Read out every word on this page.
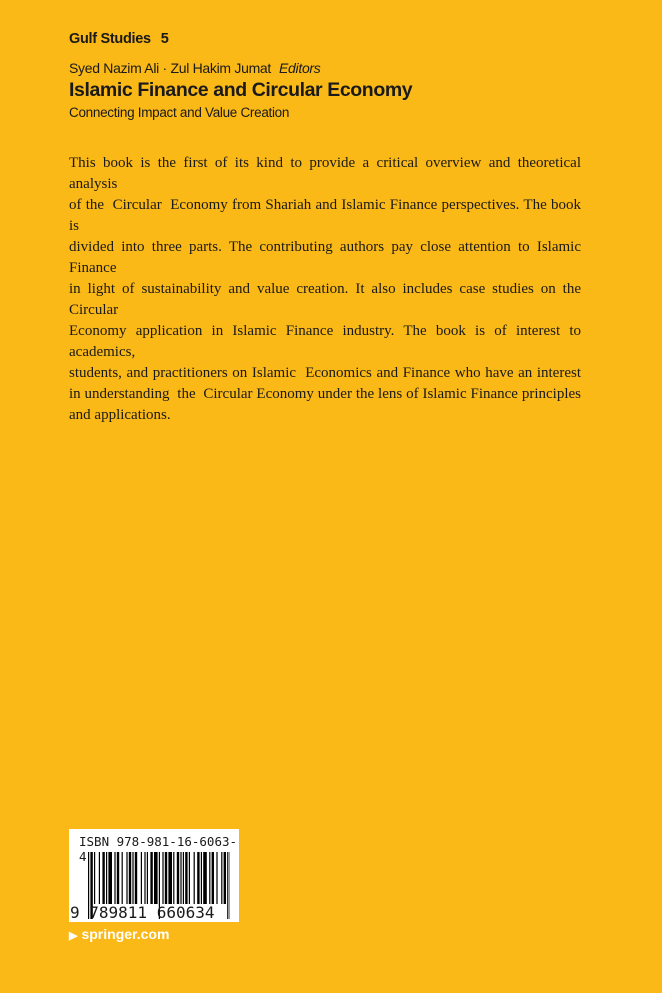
Gulf Studies 5
Syed Nazim Ali · Zul Hakim Jumat Editors
Islamic Finance and Circular Economy
Connecting Impact and Value Creation
This book is the first of its kind to provide a critical overview and theoretical analysis
of the  Circular  Economy from Shariah and Islamic Finance perspectives. The book is
divided into three parts. The contributing authors pay close attention to Islamic Finance
in light of sustainability and value creation. It also includes case studies on the  Circular
Economy application in Islamic Finance industry. The book is of interest to academics,
students, and practitioners on Islamic  Economics and Finance who have an interest
in understanding  the  Circular Economy under the lens of Islamic Finance principles
and applications.
ISBN 978-981-16-6063-4
9 789811 660634
▶ springer.com
